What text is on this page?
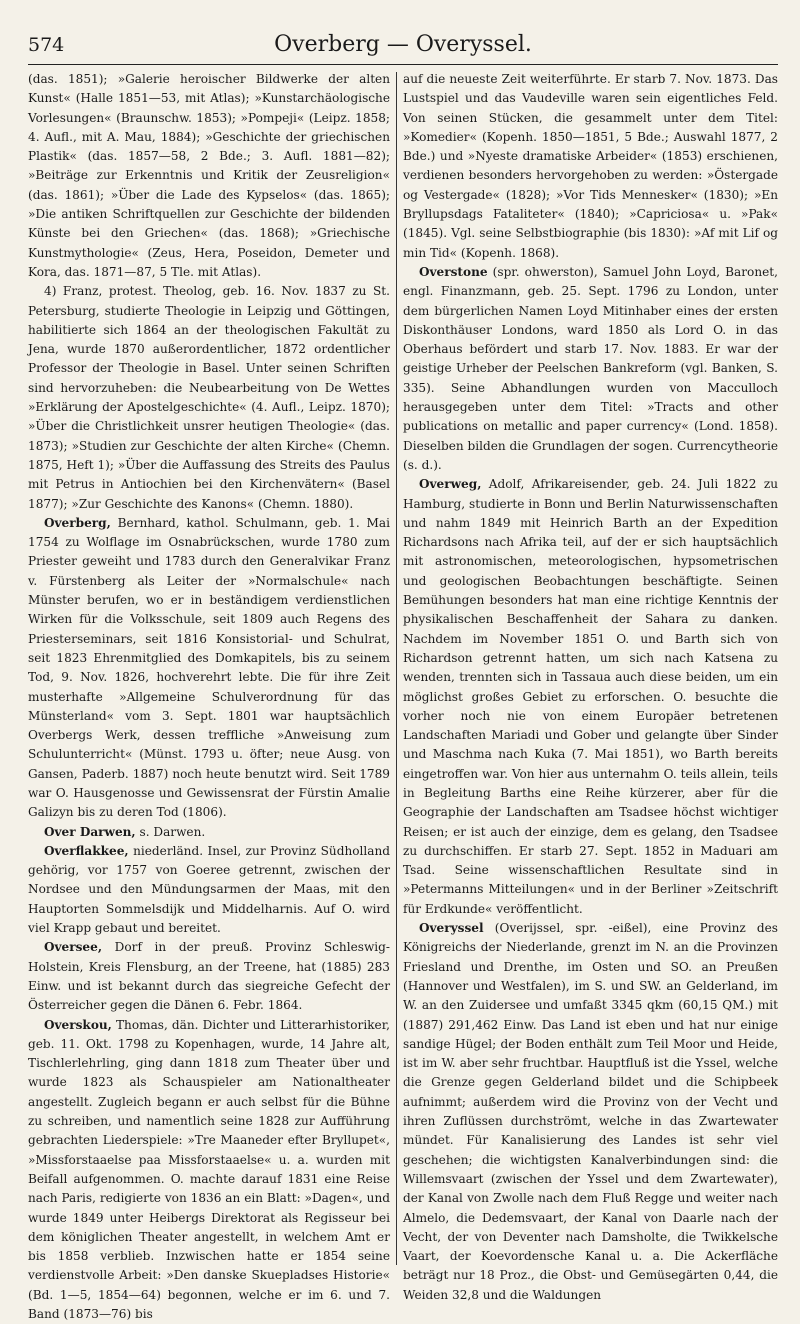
574	Overberg — Overyssel.

(das. 1851); »Galerie heroischer Bildwerke der alten Kunst« (Halle 1851—53, mit Atlas); »Kunstarchäologische Vorlesungen« (Braunschw. 1853); »Pompeji« (Leipz. 1858; 4. Aufl., mit A. Mau, 1884); »Geschichte der griechischen Plastik« (das. 1857—58, 2 Bde.; 3. Aufl. 1881—82); »Beiträge zur Erkenntnis und Kritik der Zeusreligion« (das. 1861); »Über die Lade des Kypselos« (das. 1865); »Die antiken Schriftquellen zur Geschichte der bildenden Künste bei den Griechen« (das. 1868); »Griechische Kunstmythologie« (Zeus, Hera, Poseidon, Demeter und Kora, das. 1871—87, 5 Tle. mit Atlas).

4) Franz, protest. Theolog, geb. 16. Nov. 1837 zu St. Petersburg, studierte Theologie in Leipzig und Göttingen, habilitierte sich 1864 an der theologischen Fakultät zu Jena, wurde 1870 außerordentlicher, 1872 ordentlicher Professor der Theologie in Basel. Unter seinen Schriften sind hervorzuheben: die Neubearbeitung von De Wettes »Erklärung der Apostelgeschichte« (4. Aufl., Leipz. 1870); »Über die Christlichkeit unsrer heutigen Theologie« (das. 1873); »Studien zur Geschichte der alten Kirche« (Chemn. 1875, Heft 1); »Über die Auffassung des Streits des Paulus mit Petrus in Antiochien bei den Kirchenvätern« (Basel 1877); »Zur Geschichte des Kanons« (Chemn. 1880).

Overberg, Bernhard, kathol. Schulmann, geb. 1. Mai 1754 zu Wolflage im Osnabrückschen, wurde 1780 zum Priester geweiht und 1783 durch den Generalvikar Franz v. Fürstenberg als Leiter der »Normalschule« nach Münster berufen, wo er in beständigem verdienstlichen Wirken für die Volksschule, seit 1809 auch Regens des Priesterseminars, seit 1816 Konsistorial- und Schulrat, seit 1823 Ehrenmitglied des Domkapitels, bis zu seinem Tod, 9. Nov. 1826, hochverehrt lebte. Die für ihre Zeit musterhafte »Allgemeine Schulverordnung für das Münsterland« vom 3. Sept. 1801 war hauptsächlich Overbergs Werk, dessen treffliche »Anweisung zum Schulunterricht« (Münst. 1793 u. öfter; neue Ausg. von Gansen, Paderb. 1887) noch heute benutzt wird. Seit 1789 war O. Hausgenosse und Gewissensrat der Fürstin Amalie Galizyn bis zu deren Tod (1806).

Over Darwen, s. Darwen.

Overflakkee, niederländ. Insel, zur Provinz Südholland gehörig, vor 1757 von Goeree getrennt, zwischen der Nordsee und den Mündungsarmen der Maas, mit den Hauptorten Sommelsdijk und Middelharnis. Auf O. wird viel Krapp gebaut und bereitet.

Oversee, Dorf in der preuß. Provinz Schleswig-Holstein, Kreis Flensburg, an der Treene, hat (1885) 283 Einw. und ist bekannt durch das siegreiche Gefecht der Österreicher gegen die Dänen 6. Febr. 1864.

Overskou, Thomas, dän. Dichter und Litterarhistoriker, geb. 11. Okt. 1798 zu Kopenhagen, wurde, 14 Jahre alt, Tischlerlehrling, ging dann 1818 zum Theater über und wurde 1823 als Schauspieler am Nationaltheater angestellt. Zugleich begann er auch selbst für die Bühne zu schreiben, und namentlich seine 1828 zur Aufführung gebrachten Liederspiele: »Tre Maaneder efter Bryllupet«, »Missforstaaelse paa Missforstaaelse« u. a. wurden mit Beifall aufgenommen. O. machte darauf 1831 eine Reise nach Paris, redigierte von 1836 an ein Blatt: »Dagen«, und wurde 1849 unter Heibergs Direktorat als Regisseur bei dem königlichen Theater angestellt, in welchem Amt er bis 1858 verblieb. Inzwischen hatte er 1854 seine verdienstvolle Arbeit: »Den danske Skuepladses Historie« (Bd. 1—5, 1854—64) begonnen, welche er im 6. und 7. Band (1873—76) bis

auf die neueste Zeit weiterführte. Er starb 7. Nov. 1873. Das Lustspiel und das Vaudeville waren sein eigentliches Feld. Von seinen Stücken, die gesammelt unter dem Titel: »Komedier« (Kopenh. 1850—1851, 5 Bde.; Auswahl 1877, 2 Bde.) und »Nyeste dramatiske Arbeider« (1853) erschienen, verdienen besonders hervorgehoben zu werden: »Östergade og Vestergade« (1828); »Vor Tids Mennesker« (1830); »En Bryllupsdags Fataliteter« (1840); »Capriciosa« u. »Pak« (1845). Vgl. seine Selbstbiographie (bis 1830): »Af mit Lif og min Tid« (Kopenh. 1868).

Overstone (spr. ohwerston), Samuel John Loyd, Baronet, engl. Finanzmann, geb. 25. Sept. 1796 zu London, unter dem bürgerlichen Namen Loyd Mitinhaber eines der ersten Diskonthäuser Londons, ward 1850 als Lord O. in das Oberhaus befördert und starb 17. Nov. 1883. Er war der geistige Urheber der Peelschen Bankreform (vgl. Banken, S. 335). Seine Abhandlungen wurden von Macculloch herausgegeben unter dem Titel: »Tracts and other publications on metallic and paper currency« (Lond. 1858). Dieselben bilden die Grundlagen der sogen. Currencytheorie (s. d.).

Overweg, Adolf, Afrikareisender, geb. 24. Juli 1822 zu Hamburg, studierte in Bonn und Berlin Naturwissenschaften und nahm 1849 mit Heinrich Barth an der Expedition Richardsons nach Afrika teil, auf der er sich hauptsächlich mit astronomischen, meteorologischen, hypsometrischen und geologischen Beobachtungen beschäftigte. Seinen Bemühungen besonders hat man eine richtige Kenntnis der physikalischen Beschaffenheit der Sahara zu danken. Nachdem im November 1851 O. und Barth sich von Richardson getrennt hatten, um sich nach Katsena zu wenden, trennten sich in Tassaua auch diese beiden, um ein möglichst großes Gebiet zu erforschen. O. besuchte die vorher noch nie von einem Europäer betretenen Landschaften Mariadi und Gober und gelangte über Sinder und Maschma nach Kuka (7. Mai 1851), wo Barth bereits eingetroffen war. Von hier aus unternahm O. teils allein, teils in Begleitung Barths eine Reihe kürzerer, aber für die Geographie der Landschaften am Tsadsee höchst wichtiger Reisen; er ist auch der einzige, dem es gelang, den Tsadsee zu durchschiffen. Er starb 27. Sept. 1852 in Maduari am Tsad. Seine wissenschaftlichen Resultate sind in »Petermanns Mitteilungen« und in der Berliner »Zeitschrift für Erdkunde« veröffentlicht.

Overyssel (Overijssel, spr. -eißel), eine Provinz des Königreichs der Niederlande, grenzt im N. an die Provinzen Friesland und Drenthe, im Osten und SO. an Preußen (Hannover und Westfalen), im S. und SW. an Gelderland, im W. an den Zuidersee und umfaßt 3345 qkm (60,15 QM.) mit (1887) 291,462 Einw. Das Land ist eben und hat nur einige sandige Hügel; der Boden enthält zum Teil Moor und Heide, ist im W. aber sehr fruchtbar. Hauptfluß ist die Yssel, welche die Grenze gegen Gelderland bildet und die Schipbeek aufnimmt; außerdem wird die Provinz von der Vecht und ihren Zuflüssen durchströmt, welche in das Zwartewater mündet. Für Kanalisierung des Landes ist sehr viel geschehen; die wichtigsten Kanalverbindungen sind: die Willemsvaart (zwischen der Yssel und dem Zwartewater), der Kanal von Zwolle nach dem Fluß Regge und weiter nach Almelo, die Dedemsvaart, der Kanal von Daarle nach der Vecht, der von Deventer nach Damsholte, die Twikkelsche Vaart, der Koevordensche Kanal u. a. Die Ackerfläche beträgt nur 18 Proz., die Obst- und Gemüsegärten 0,44, die Weiden 32,8 und die Waldungen
